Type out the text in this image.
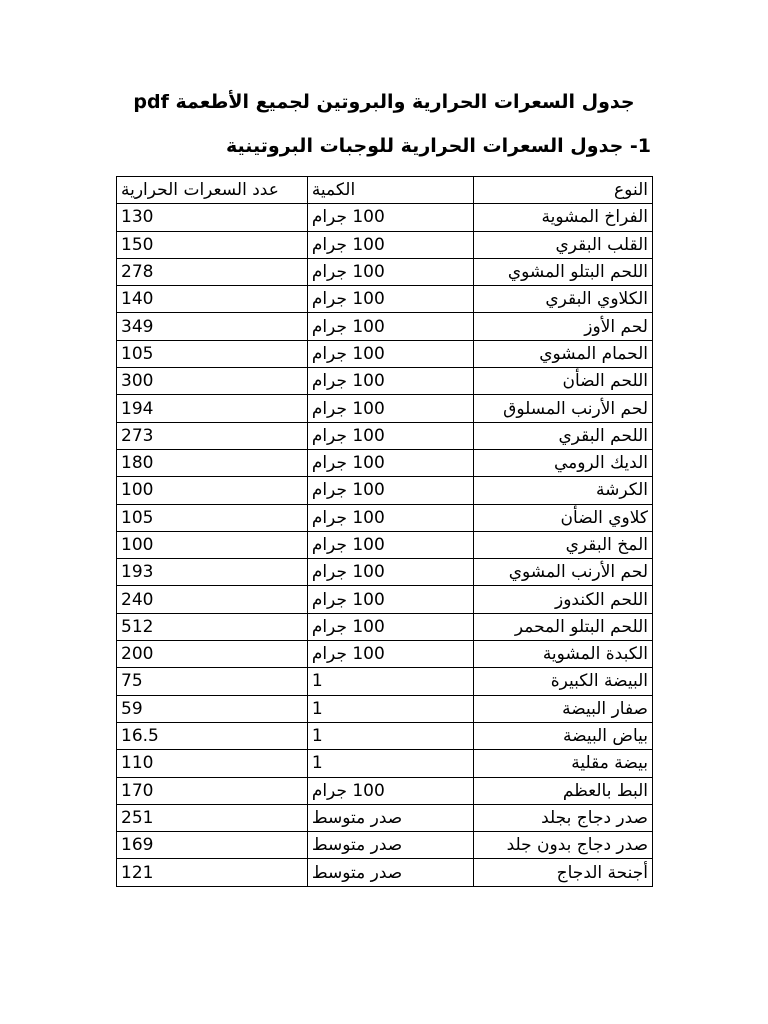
جدول السعرات الحرارية والبروتين لجميع الأطعمة pdf
1- جدول السعرات الحرارية للوجبات البروتينية
النوع	الكمية	عدد السعرات الحرارية
الفراخ المشوية	100 جرام	130
القلب البقري	100 جرام	150
اللحم البتلو المشوي	100 جرام	278
الكلاوي البقري	100 جرام	140
لحم الأوز	100 جرام	349
الحمام المشوي	100 جرام	105
اللحم الضأن	100 جرام	300
لحم الأرنب المسلوق	100 جرام	194
اللحم البقري	100 جرام	273
الديك الرومي	100 جرام	180
الكرشة	100 جرام	100
كلاوي الضأن	100 جرام	105
المخ البقري	100 جرام	100
لحم الأرنب المشوي	100 جرام	193
اللحم الكندوز	100 جرام	240
اللحم البتلو المحمر	100 جرام	512
الكبدة المشوية	100 جرام	200
البيضة الكبيرة	1	75
صفار البيضة	1	59
بياض البيضة	1	16.5
بيضة مقلية	1	110
البط بالعظم	100 جرام	170
صدر دجاج بجلد	صدر متوسط	251
صدر دجاج بدون جلد	صدر متوسط	169
أجنحة الدجاج	صدر متوسط	121
